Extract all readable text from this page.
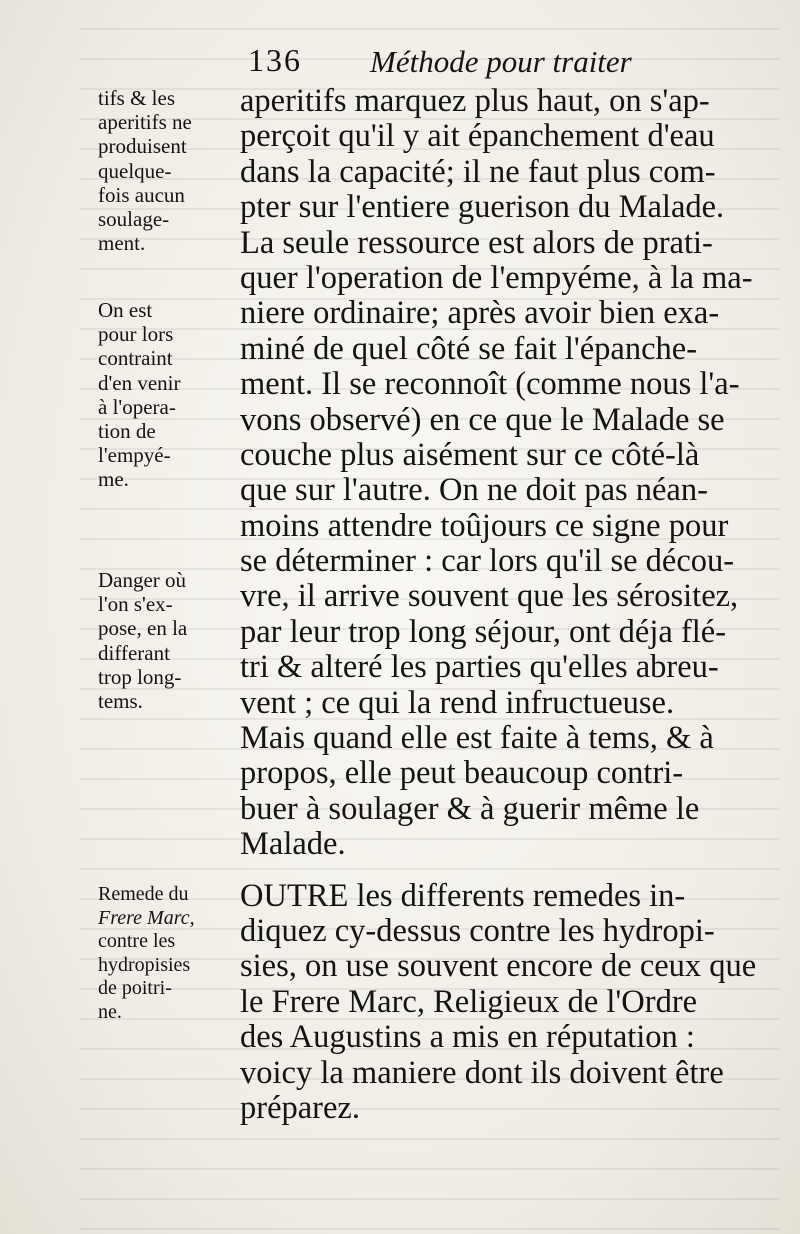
136 Méthode pour traiter
tifs & les
aperitifs ne
produisent
quelque-
fois aucun
soulage-
ment.
On est
pour lors
contraint
d'en venir
à l'opera-
tion de
l'empyé-
me.
Danger où
l'on s'ex-
pose, en la
differant
trop long-
tems.
Remede du
Frere Marc,
contre les
hydropisies
de poitri-
ne.
aperitifs marquez plus haut, on s'ap-
perçoit qu'il y ait épanchement d'eau
dans la capacité; il ne faut plus com-
pter sur l'entiere guerison du Malade.
La seule ressource est alors de prati-
quer l'operation de l'empyéme, à la ma-
niere ordinaire; après avoir bien exa-
miné de quel côté se fait l'épanche-
ment. Il se reconnoît (comme nous l'a-
vons observé) en ce que le Malade se
couche plus aisément sur ce côté-là
que sur l'autre. On ne doit pas néan-
moins attendre toûjours ce signe pour
se déterminer : car lors qu'il se décou-
vre, il arrive souvent que les sérositez,
par leur trop long séjour, ont déja flé-
tri & alteré les parties qu'elles abreu-
vent ; ce qui la rend infructueuse.
Mais quand elle est faite à tems, & à
propos, elle peut beaucoup contri-
buer à soulager & à guerir même le
Malade.
OUTRE les differents remedes in-
diquez cy-dessus contre les hydropi-
sies, on use souvent encore de ceux que
le Frere Marc, Religieux de l'Ordre
des Augustins a mis en réputation :
voicy la maniere dont ils doivent être
préparez.
